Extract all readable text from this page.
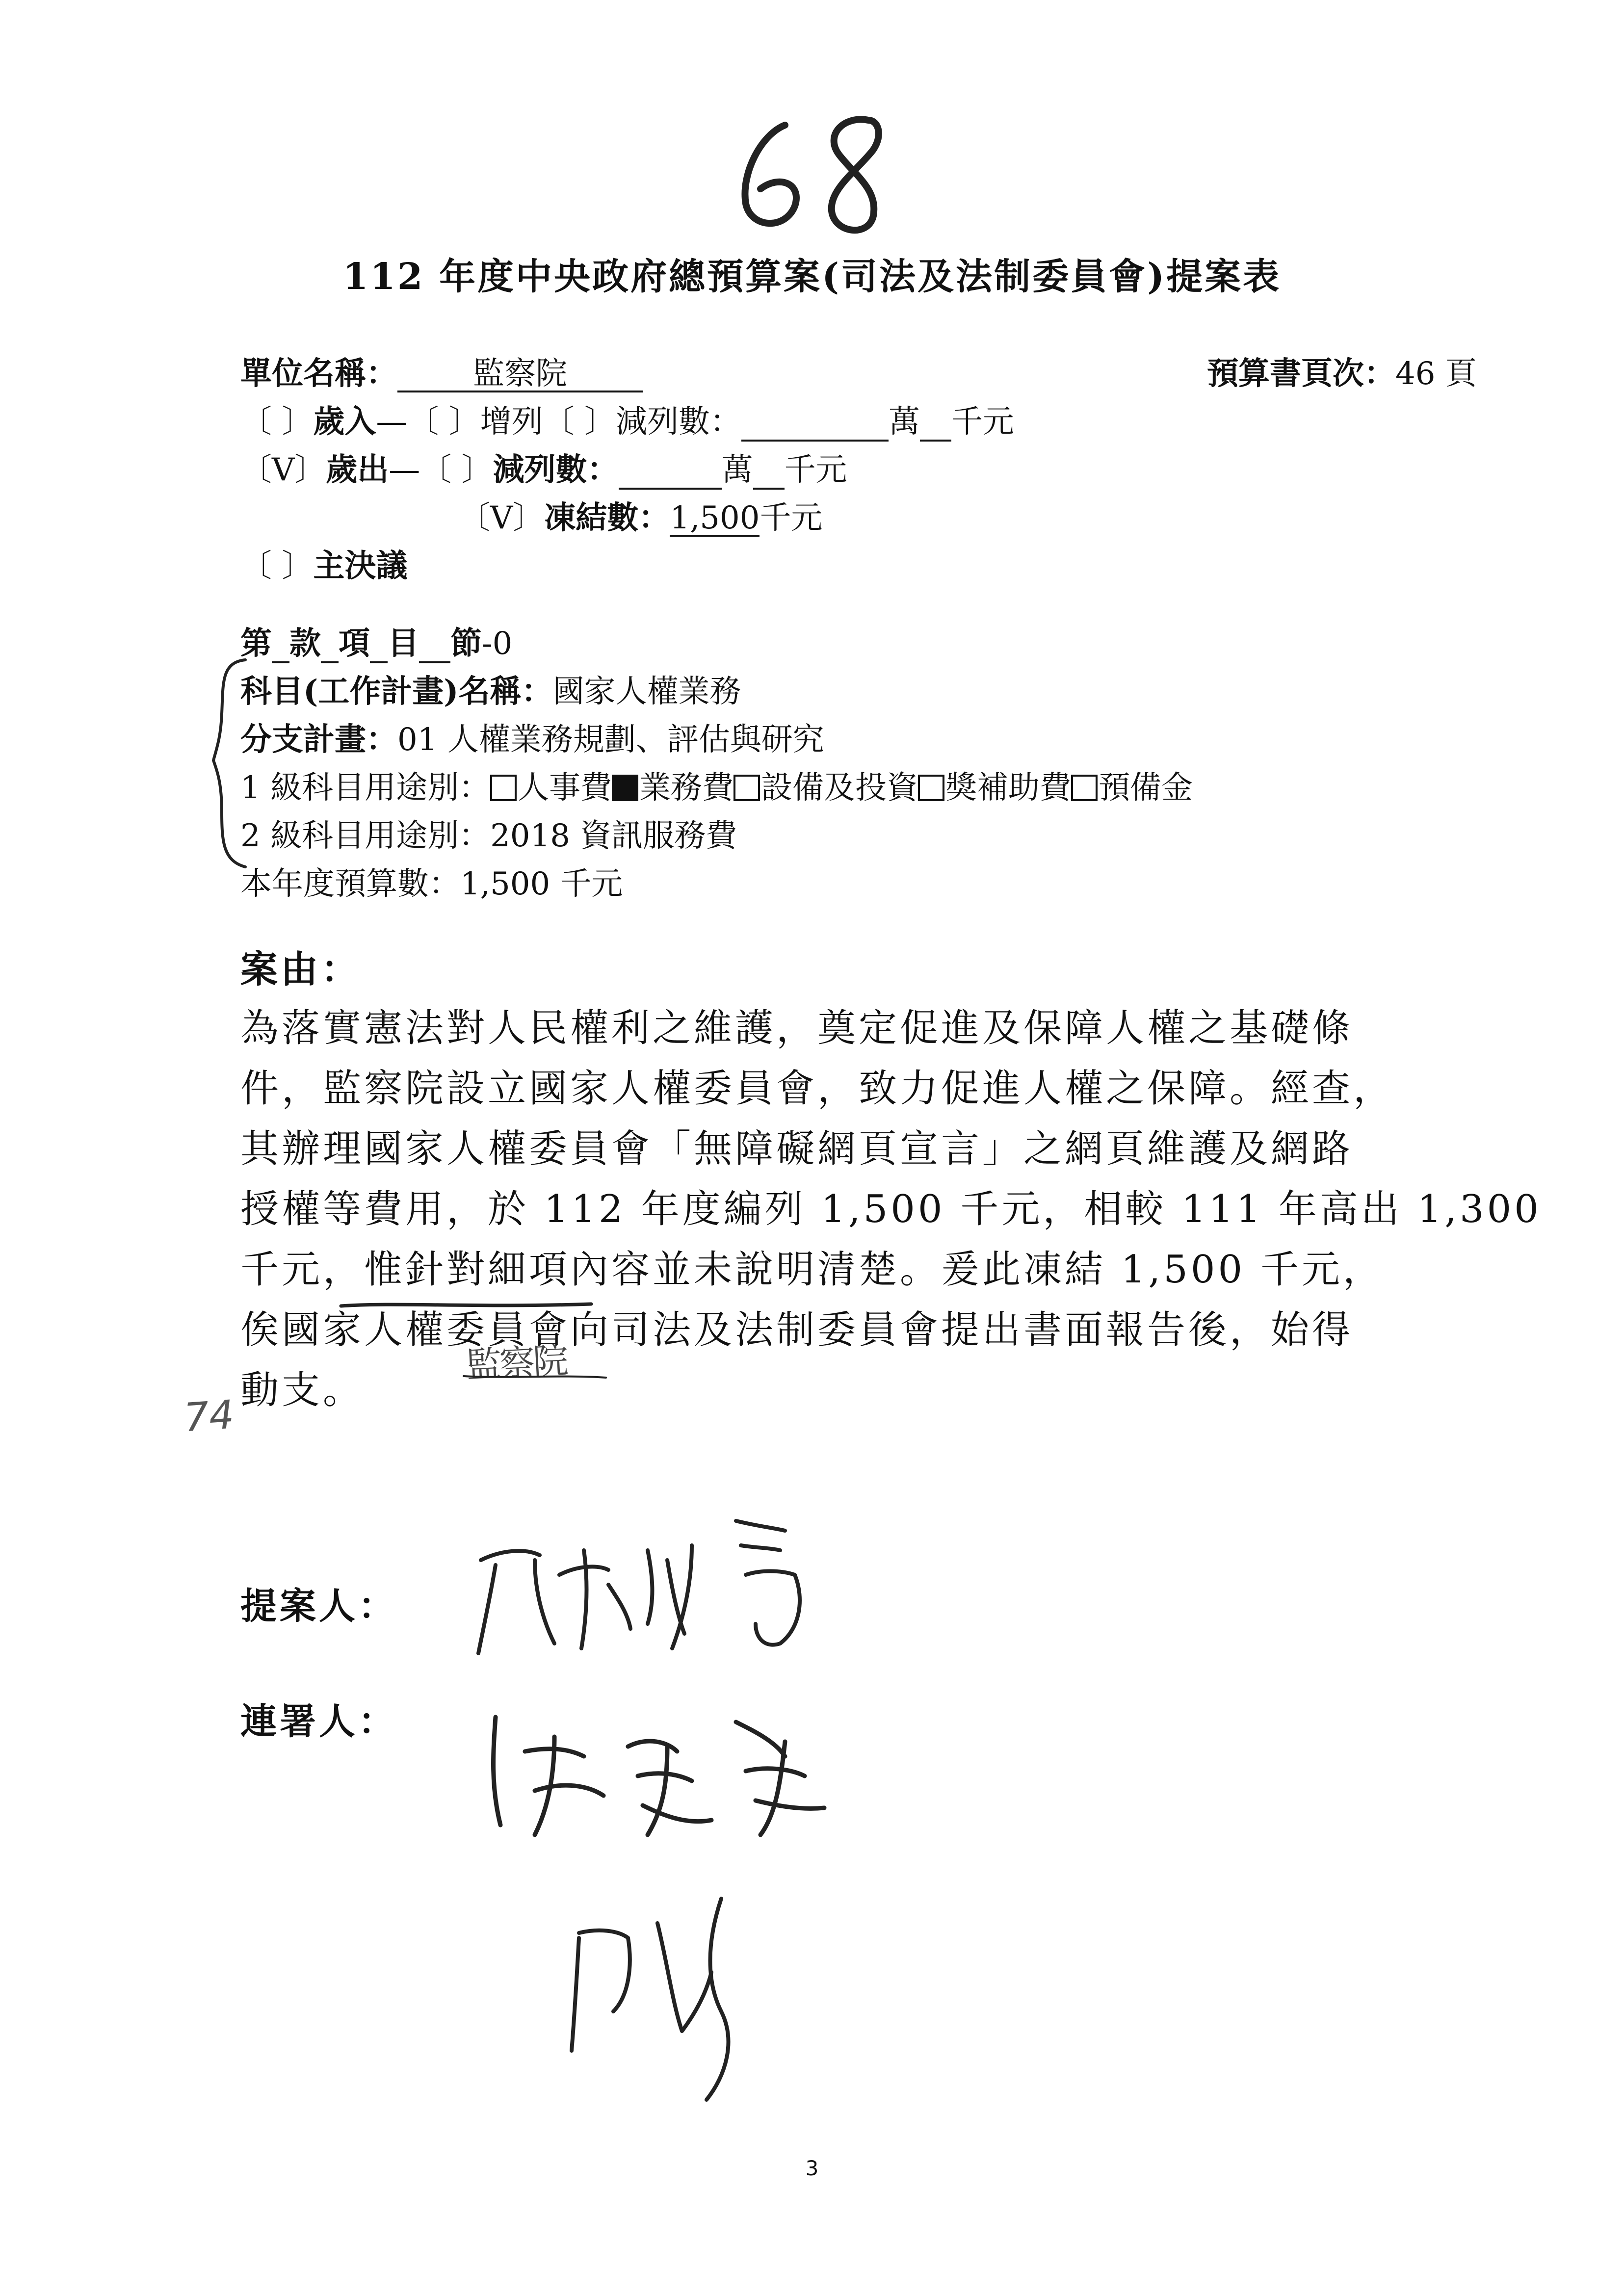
112 年度中央政府總預算案(司法及法制委員會)提案表
單位名稱： 監察院	預算書頁次：46 頁
〔 〕歲入—〔 〕增列〔 〕減列數：	萬 千元
〔V〕歲出—〔 〕減列數：	萬 千元
〔V〕凍結數：1,500千元
〔 〕主決議
第 款 項 目 節-0
科目(工作計畫)名稱：國家人權業務
分支計畫：01 人權業務規劃、評估與研究
1 級科目用途別： 人事費 業務費 設備及投資 獎補助費 預備金
2 級科目用途別：2018 資訊服務費
本年度預算數：1,500 千元
案由：
為落實憲法對人民權利之維護，奠定促進及保障人權之基礎條
件，監察院設立國家人權委員會，致力促進人權之保障。經查，
其辦理國家人權委員會「無障礙網頁宣言」之網頁維護及網路
授權等費用，於 112 年度編列 1,500 千元，相較 111 年高出 1,300
千元，惟針對細項內容並未說明清楚。爰此凍結 1,500 千元，
俟國家人權委員會向司法及法制委員會提出書面報告後，始得
動支。
監察院
74
提案人：
連署人：
3
